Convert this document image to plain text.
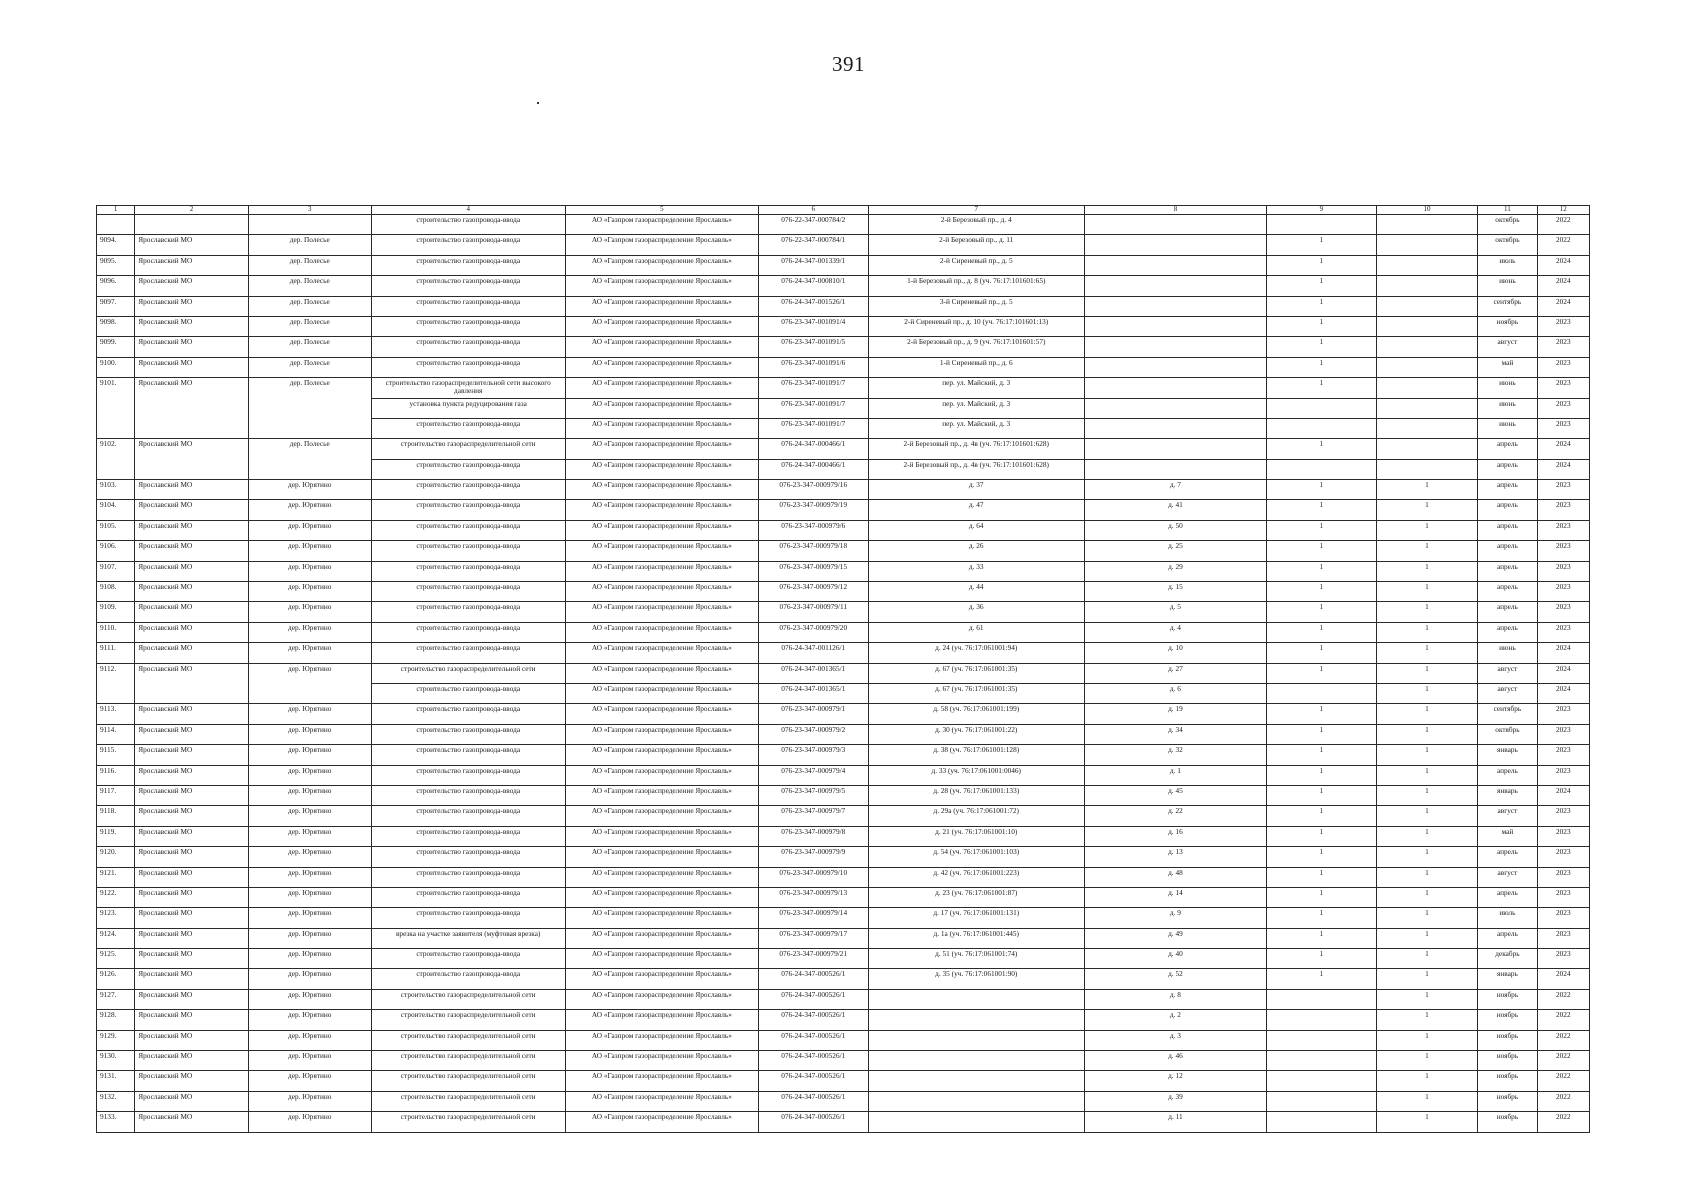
391
1	2	3	4	5	6	7	8	9	10	11	12
			строительство газопровода-ввода	АО «Газпром газораспределение Ярославль»	076-22-347-000784/2	2-й Березовый пр., д. 4				октябрь	2022
9094.	Ярославский МО	дер. Полесье	строительство газопровода-ввода	АО «Газпром газораспределение Ярославль»	076-22-347-000784/1	2-й Березовый пр., д. 11		1		октябрь	2022
9095.	Ярославский МО	дер. Полесье	строительство газопровода-ввода	АО «Газпром газораспределение Ярославль»	076-24-347-001339/1	2-й Сиреневый пр., д. 5		1		июль	2024
9096.	Ярославский МО	дер. Полесье	строительство газопровода-ввода	АО «Газпром газораспределение Ярославль»	076-24-347-000810/1	1-й Березовый пр., д. 8 (уч. 76:17:101601:65)		1		июнь	2024
9097.	Ярославский МО	дер. Полесье	строительство газопровода-ввода	АО «Газпром газораспределение Ярославль»	076-24-347-001526/1	3-й Сиреневый пр., д. 5		1		сентябрь	2024
9098.	Ярославский МО	дер. Полесье	строительство газопровода-ввода	АО «Газпром газораспределение Ярославль»	076-23-347-001091/4	2-й Сиреневый пр., д. 10 (уч. 76:17:101601:13)		1		ноябрь	2023
9099.	Ярославский МО	дер. Полесье	строительство газопровода-ввода	АО «Газпром газораспределение Ярославль»	076-23-347-001091/5	2-й Березовый пр., д. 9 (уч. 76:17:101601:57)		1		август	2023
9100.	Ярославский МО	дер. Полесье	строительство газопровода-ввода	АО «Газпром газораспределение Ярославль»	076-23-347-001091/6	1-й Сиреневый пр., д. 6		1		май	2023
9101.	Ярославский МО	дер. Полесье	строительство газораспределительной сети высокого давления	АО «Газпром газораспределение Ярославль»	076-23-347-001091/7	пер. ул. Майский, д. 3		1		июнь	2023
			установка пункта редуцирования газа	АО «Газпром газораспределение Ярославль»	076-23-347-001091/7	пер. ул. Майский, д. 3				июнь	2023
			строительство газопровода-ввода	АО «Газпром газораспределение Ярославль»	076-23-347-001091/7	пер. ул. Майский, д. 3				июнь	2023
9102.	Ярославский МО	дер. Полесье	строительство газораспределительной сети	АО «Газпром газораспределение Ярославль»	076-24-347-000466/1	2-й Березовый пр., д. 4в (уч. 76:17:101601:628)		1		апрель	2024
			строительство газопровода-ввода	АО «Газпром газораспределение Ярославль»	076-24-347-000466/1	2-й Березовый пр., д. 4в (уч. 76:17:101601:628)				апрель	2024
9103.	Ярославский МО	дер. Юрятино	строительство газопровода-ввода	АО «Газпром газораспределение Ярославль»	076-23-347-000979/16	д. 37	д. 7	1	1	апрель	2023
9104.	Ярославский МО	дер. Юрятино	строительство газопровода-ввода	АО «Газпром газораспределение Ярославль»	076-23-347-000979/19	д. 47	д. 41	1	1	апрель	2023
9105.	Ярославский МО	дер. Юрятино	строительство газопровода-ввода	АО «Газпром газораспределение Ярославль»	076-23-347-000979/6	д. 64	д. 50	1	1	апрель	2023
9106.	Ярославский МО	дер. Юрятино	строительство газопровода-ввода	АО «Газпром газораспределение Ярославль»	076-23-347-000979/18	д. 26	д. 25	1	1	апрель	2023
9107.	Ярославский МО	дер. Юрятино	строительство газопровода-ввода	АО «Газпром газораспределение Ярославль»	076-23-347-000979/15	д. 33	д. 29	1	1	апрель	2023
9108.	Ярославский МО	дер. Юрятино	строительство газопровода-ввода	АО «Газпром газораспределение Ярославль»	076-23-347-000979/12	д. 44	д. 15	1	1	апрель	2023
9109.	Ярославский МО	дер. Юрятино	строительство газопровода-ввода	АО «Газпром газораспределение Ярославль»	076-23-347-000979/11	д. 36	д. 5	1	1	апрель	2023
9110.	Ярославский МО	дер. Юрятино	строительство газопровода-ввода	АО «Газпром газораспределение Ярославль»	076-23-347-000979/20	д. 61	д. 4	1	1	апрель	2023
9111.	Ярославский МО	дер. Юрятино	строительство газопровода-ввода	АО «Газпром газораспределение Ярославль»	076-24-347-001126/1	д. 24 (уч. 76:17:061001:94)	д. 10	1	1	июнь	2024
9112.	Ярославский МО	дер. Юрятино	строительство газораспределительной сети	АО «Газпром газораспределение Ярославль»	076-24-347-001365/1	д. 67 (уч. 76:17:061001:35)	д. 27	1	1	август	2024
			строительство газопровода-ввода	АО «Газпром газораспределение Ярославль»	076-24-347-001365/1	д. 67 (уч. 76:17:061001:35)	д. 6		1	август	2024
9113.	Ярославский МО	дер. Юрятино	строительство газопровода-ввода	АО «Газпром газораспределение Ярославль»	076-23-347-000979/1	д. 58 (уч. 76:17:061001:199)	д. 19	1	1	сентябрь	2023
9114.	Ярославский МО	дер. Юрятино	строительство газопровода-ввода	АО «Газпром газораспределение Ярославль»	076-23-347-000979/2	д. 30 (уч. 76:17:061001:22)	д. 34	1	1	октябрь	2023
9115.	Ярославский МО	дер. Юрятино	строительство газопровода-ввода	АО «Газпром газораспределение Ярославль»	076-23-347-000979/3	д. 38 (уч. 76:17:061001:128)	д. 32	1	1	январь	2023
9116.	Ярославский МО	дер. Юрятино	строительство газопровода-ввода	АО «Газпром газораспределение Ярославль»	076-23-347-000979/4	д. 33 (уч. 76:17:061001:0046)	д. 1	1	1	апрель	2023
9117.	Ярославский МО	дер. Юрятино	строительство газопровода-ввода	АО «Газпром газораспределение Ярославль»	076-23-347-000979/5	д. 28 (уч. 76:17:061001:133)	д. 45	1	1	январь	2024
9118.	Ярославский МО	дер. Юрятино	строительство газопровода-ввода	АО «Газпром газораспределение Ярославль»	076-23-347-000979/7	д. 29а (уч. 76:17:061001:72)	д. 22	1	1	август	2023
9119.	Ярославский МО	дер. Юрятино	строительство газопровода-ввода	АО «Газпром газораспределение Ярославль»	076-23-347-000979/8	д. 21 (уч. 76:17:061001:10)	д. 16	1	1	май	2023
9120.	Ярославский МО	дер. Юрятино	строительство газопровода-ввода	АО «Газпром газораспределение Ярославль»	076-23-347-000979/9	д. 54 (уч. 76:17:061001:103)	д. 13	1	1	апрель	2023
9121.	Ярославский МО	дер. Юрятино	строительство газопровода-ввода	АО «Газпром газораспределение Ярославль»	076-23-347-000979/10	д. 42 (уч. 76:17:061001:223)	д. 48	1	1	август	2023
9122.	Ярославский МО	дер. Юрятино	строительство газопровода-ввода	АО «Газпром газораспределение Ярославль»	076-23-347-000979/13	д. 23 (уч. 76:17:061001:87)	д. 14	1	1	апрель	2023
9123.	Ярославский МО	дер. Юрятино	строительство газопровода-ввода	АО «Газпром газораспределение Ярославль»	076-23-347-000979/14	д. 17 (уч. 76:17:061001:131)	д. 9	1	1	июль	2023
9124.	Ярославский МО	дер. Юрятино	врезка на участке заявителя (муфтовая врезка)	АО «Газпром газораспределение Ярославль»	076-23-347-000979/17	д. 1а (уч. 76:17:061001:445)	д. 49	1	1	апрель	2023
9125.	Ярославский МО	дер. Юрятино	строительство газопровода-ввода	АО «Газпром газораспределение Ярославль»	076-23-347-000979/21	д. 51 (уч. 76:17:061001:74)	д. 40	1	1	декабрь	2023
9126.	Ярославский МО	дер. Юрятино	строительство газопровода-ввода	АО «Газпром газораспределение Ярославль»	076-24-347-000526/1	д. 35 (уч. 76:17:061001:90)	д. 52	1	1	январь	2024
9127.	Ярославский МО	дер. Юрятино	строительство газораспределительной сети	АО «Газпром газораспределение Ярославль»	076-24-347-000526/1		д. 8		1	ноябрь	2022
9128.	Ярославский МО	дер. Юрятино	строительство газораспределительной сети	АО «Газпром газораспределение Ярославль»	076-24-347-000526/1		д. 2		1	ноябрь	2022
9129.	Ярославский МО	дер. Юрятино	строительство газораспределительной сети	АО «Газпром газораспределение Ярославль»	076-24-347-000526/1		д. 3		1	ноябрь	2022
9130.	Ярославский МО	дер. Юрятино	строительство газораспределительной сети	АО «Газпром газораспределение Ярославль»	076-24-347-000526/1		д. 46		1	ноябрь	2022
9131.	Ярославский МО	дер. Юрятино	строительство газораспределительной сети	АО «Газпром газораспределение Ярославль»	076-24-347-000526/1		д. 12		1	ноябрь	2022
9132.	Ярославский МО	дер. Юрятино	строительство газораспределительной сети	АО «Газпром газораспределение Ярославль»	076-24-347-000526/1		д. 39		1	ноябрь	2022
9133.	Ярославский МО	дер. Юрятино	строительство газораспределительной сети	АО «Газпром газораспределение Ярославль»	076-24-347-000526/1		д. 11		1	ноябрь	2022
